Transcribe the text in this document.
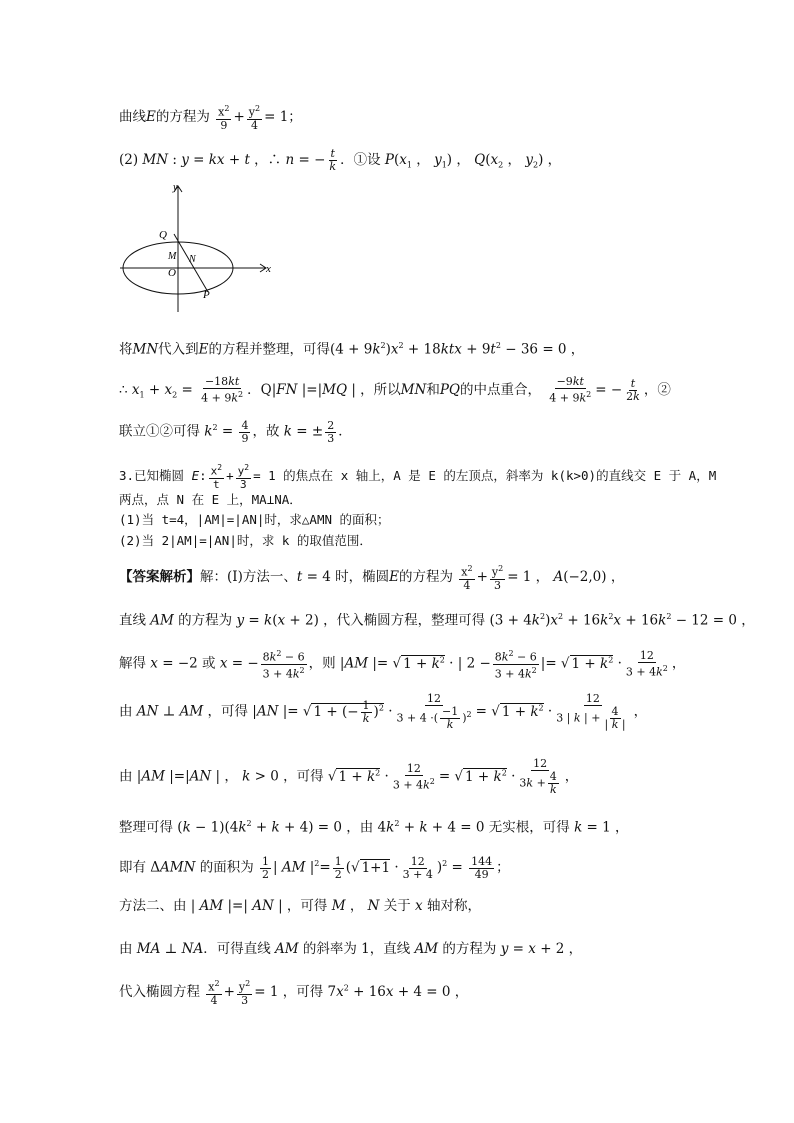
曲线E的方程为 $\frac{x^2}{9} + \frac{y^2}{4} = 1$；
(2) MN : y = kx + t ，∴ n = − $\frac{t}{k}$ ．①设 $P(x_1$ ， $y_1$) ， $Q(x_2$ ， $y_2$) ，
y
x
Q
M N
O
P
将MN代入到E的方程并整理，可得$(4 + 9k^2)x^2 + 18ktx + 9t^2 - 36 = 0$ ，
∴ $x_1 + x_2 = \frac{-18kt}{4 + 9k^2}$ ．Q|FN |=|MQ | ，所以MN和PQ的中点重合， $\frac{-9kt}{4 + 9k^2}$ = − $\frac{t}{2k}$ ，②
联立①②可得 $k^2 = \frac{4}{9}$ ，故 k = ± $\frac{2}{3}$ ．
3.已知椭圆 E: $\frac{x^2}{t} + \frac{y^2}{3} = 1$ 的焦点在 x 轴上，A 是 E 的左顶点，斜率为 k(k>0)的直线交 E 于 A，M
两点，点 N 在 E 上，MA⊥NA．
(1)当 t=4，|AM|=|AN|时，求△AMN 的面积；
(2)当 2|AM|=|AN|时，求 k 的取值范围．
【答案解析】解：(Ⅰ)方法一、t = 4 时，椭圆E的方程为 $\frac{x^2}{4} + \frac{y^2}{3} = 1$ ， A(−2,0) ，
直线 AM 的方程为 y = k(x + 2) ，代入椭圆方程，整理可得 $(3 + 4k^2)x^2 + 16k^2x + 16k^2 - 12 = 0$ ，
解得 x = −2 或 x = − $\frac{8k^2 - 6}{3 + 4k^2}$ ，则 |AM |= √ $1 + k^2$ · | $2 - \frac{8k^2 - 6}{3 + 4k^2}$ |= √ $1 + k^2 \cdot \frac{12}{3 + 4k^2}$ ，
由 AN ⊥ AM ，可得 |AN |= √ 1 + (− $\frac{1}{k} )^2 \cdot \frac{12}{3 + 4 \cdot( \frac{-1}{k} )^2}$ = √ $1 + k^2 \cdot \frac{12}{3 | k | + \frac{4}{| k |}}$ ，
由 |AM |=|AN | ， k > 0 ，可得 √ $1 + k^2 \cdot \frac{12}{3 + 4k^2}$ = √ $1 + k^2 \cdot \frac{12}{3k + \frac{4}{k}}$ ，
整理可得 $(k - 1)(4k^2 + k + 4) = 0$ ，由 $4k^2 + k + 4 = 0$ 无实根，可得 k = 1 ，
即有 ΔAMN 的面积为 $\frac{1}{2}$ | AM $|^2= \frac{1}{2}$ (√ $1+1 \cdot \frac{12}{3 + 4} )^2 = \frac{144}{49}$ ；
方法二、由 | AM |=| AN | ，可得 M ， N 关于 x 轴对称，
由 MA ⊥ NA．可得直线 AM 的斜率为 1，直线 AM 的方程为 y = x + 2 ，
代入椭圆方程 $\frac{x^2}{4} + \frac{y^2}{3} = 1$ ，可得 $7x^2 + 16x + 4 = 0$ ，
